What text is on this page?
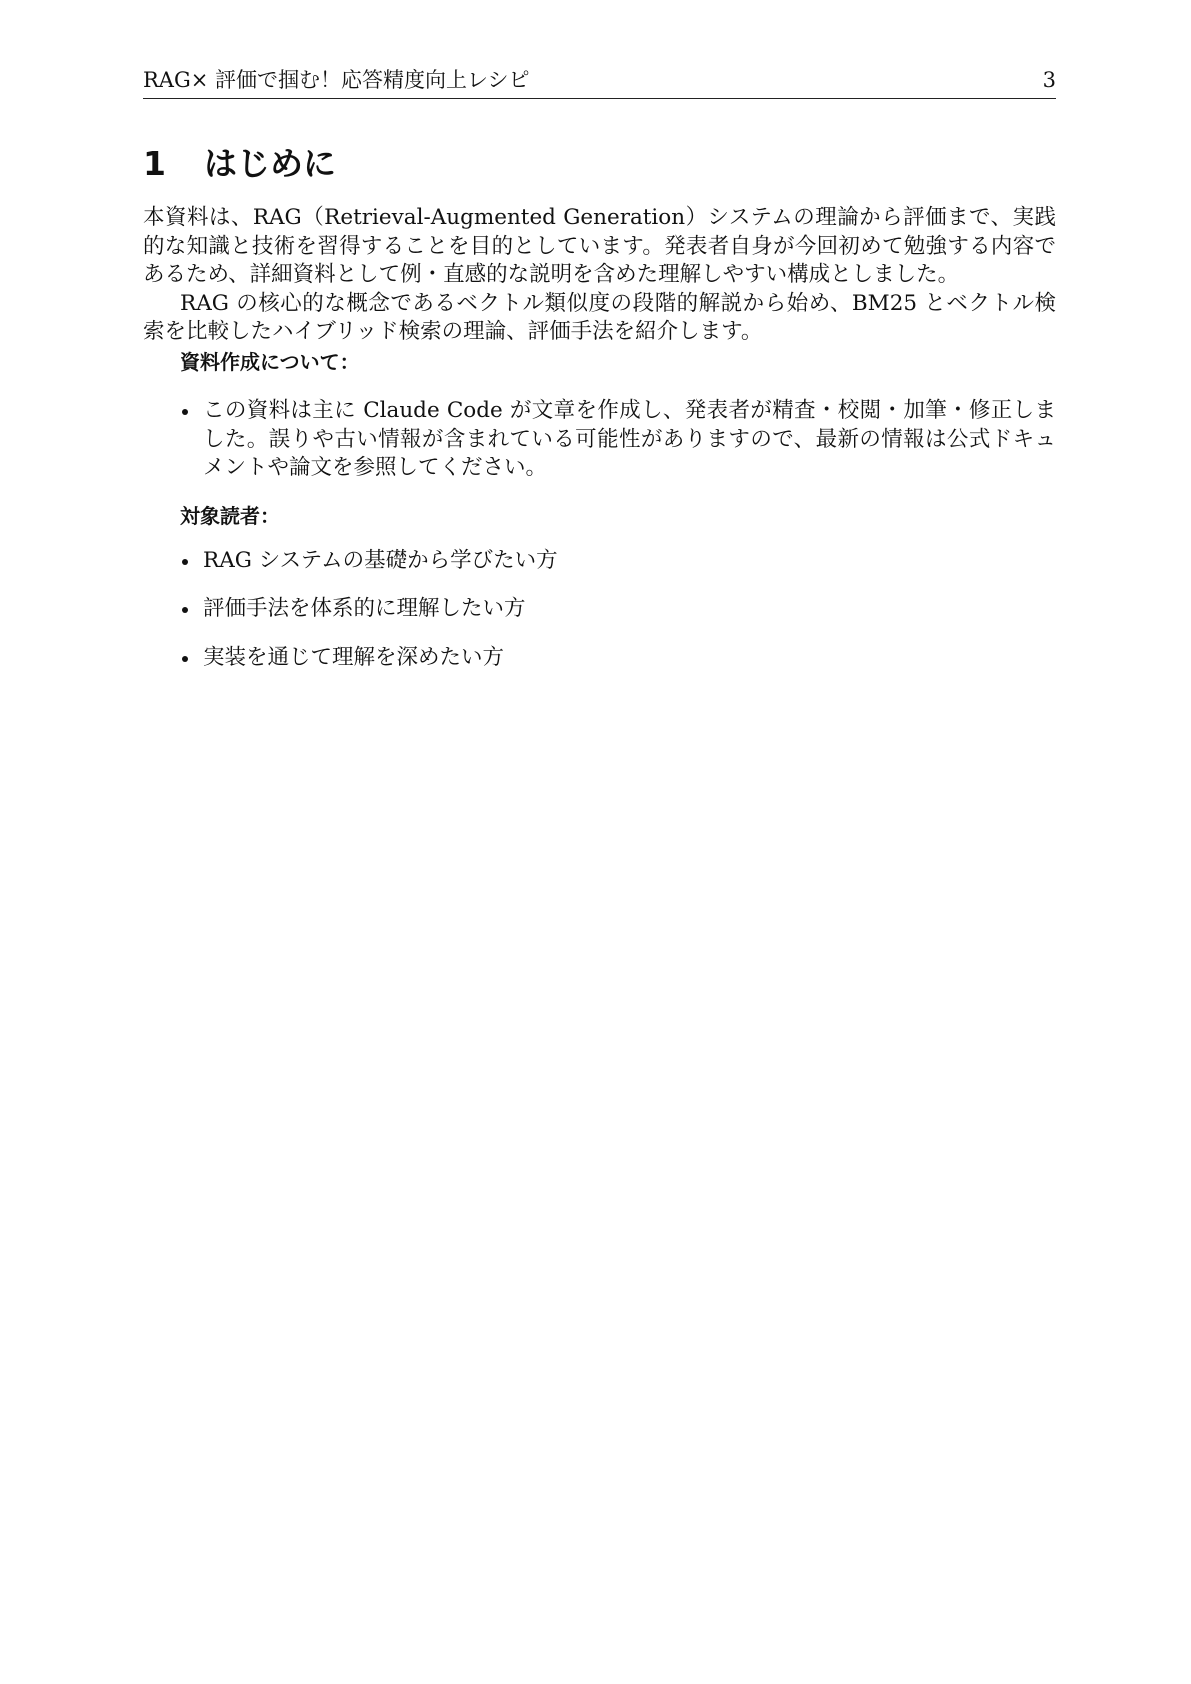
RAG× 評価で掴む！応答精度向上レシピ	3
1 はじめに

本資料は、RAG（Retrieval-Augmented Generation）システムの理論から評価まで、実践的な知識と技術を習得することを目的としています。発表者自身が今回初めて勉強する内容であるため、詳細資料として例・直感的な説明を含めた理解しやすい構成としました。

RAG の核心的な概念であるベクトル類似度の段階的解説から始め、BM25 とベクトル検索を比較したハイブリッド検索の理論、評価手法を紹介します。

資料作成について：
この資料は主に Claude Code が文章を作成し、発表者が精査・校閲・加筆・修正しました。誤りや古い情報が含まれている可能性がありますので、最新の情報は公式ドキュメントや論文を参照してください。
対象読者：
RAG システムの基礎から学びたい方
評価手法を体系的に理解したい方
実装を通じて理解を深めたい方
